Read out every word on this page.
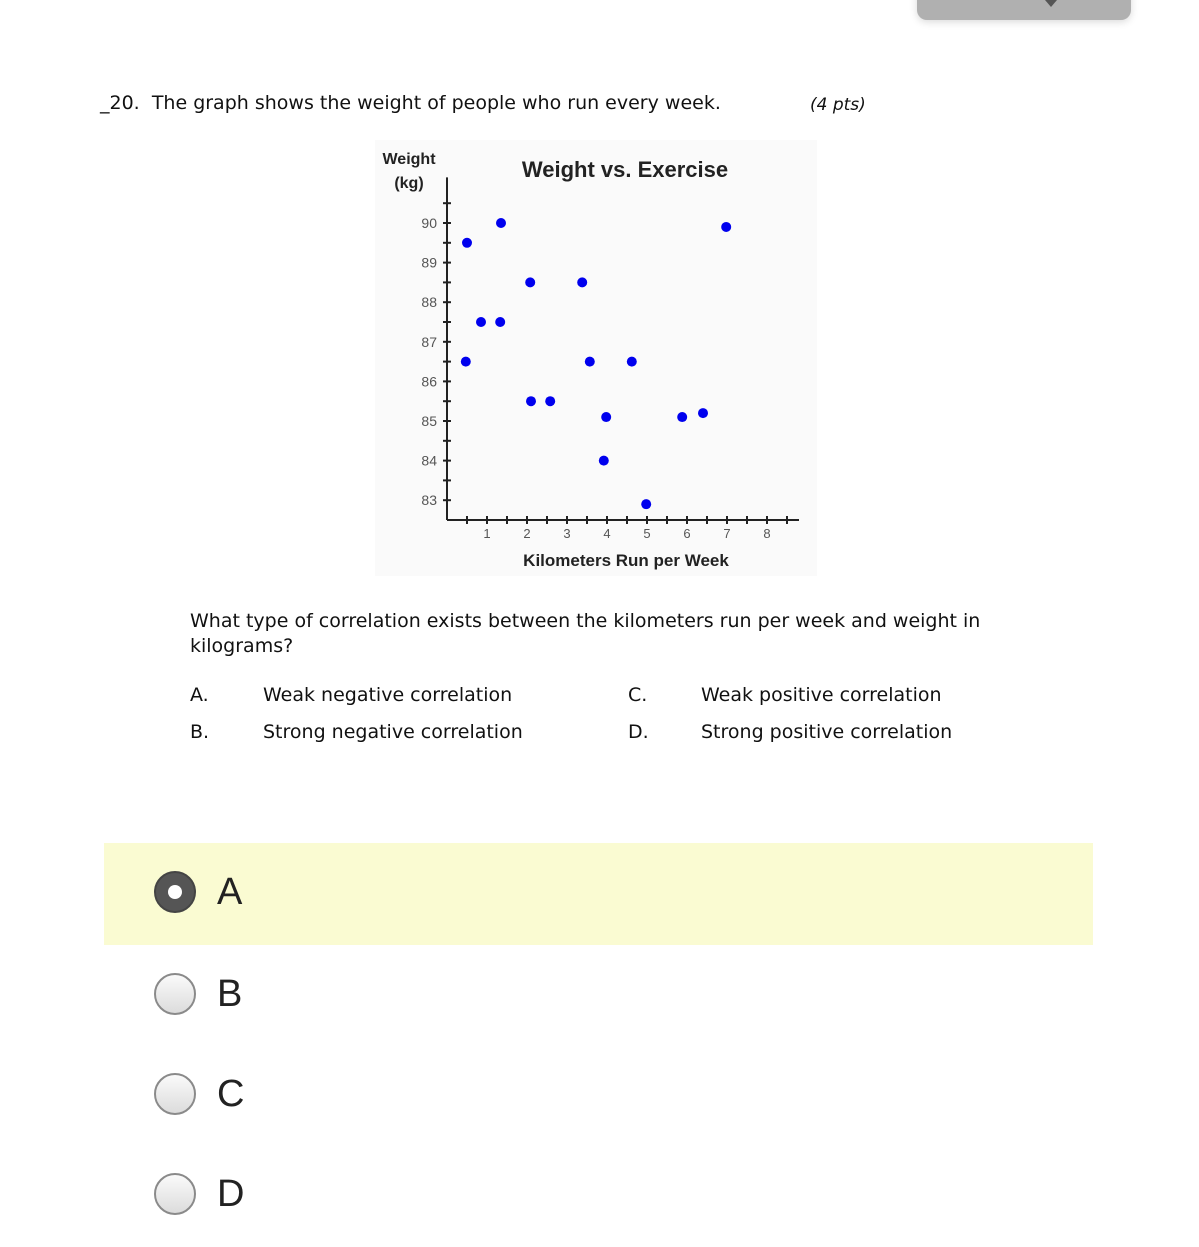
_20. The graph shows the weight of people who run every week.	(4 pts)
Weight vs. Exercise
Weight
(kg)
Kilometers Run per Week
83
84
85
86
87
88
89
90
1	2	3	4	5	6	7	8
What type of correlation exists between the kilometers run per week and weight in kilograms?
A.	Weak negative correlation
B.	Strong negative correlation
C.	Weak positive correlation
D.	Strong positive correlation
A
B
C
D
